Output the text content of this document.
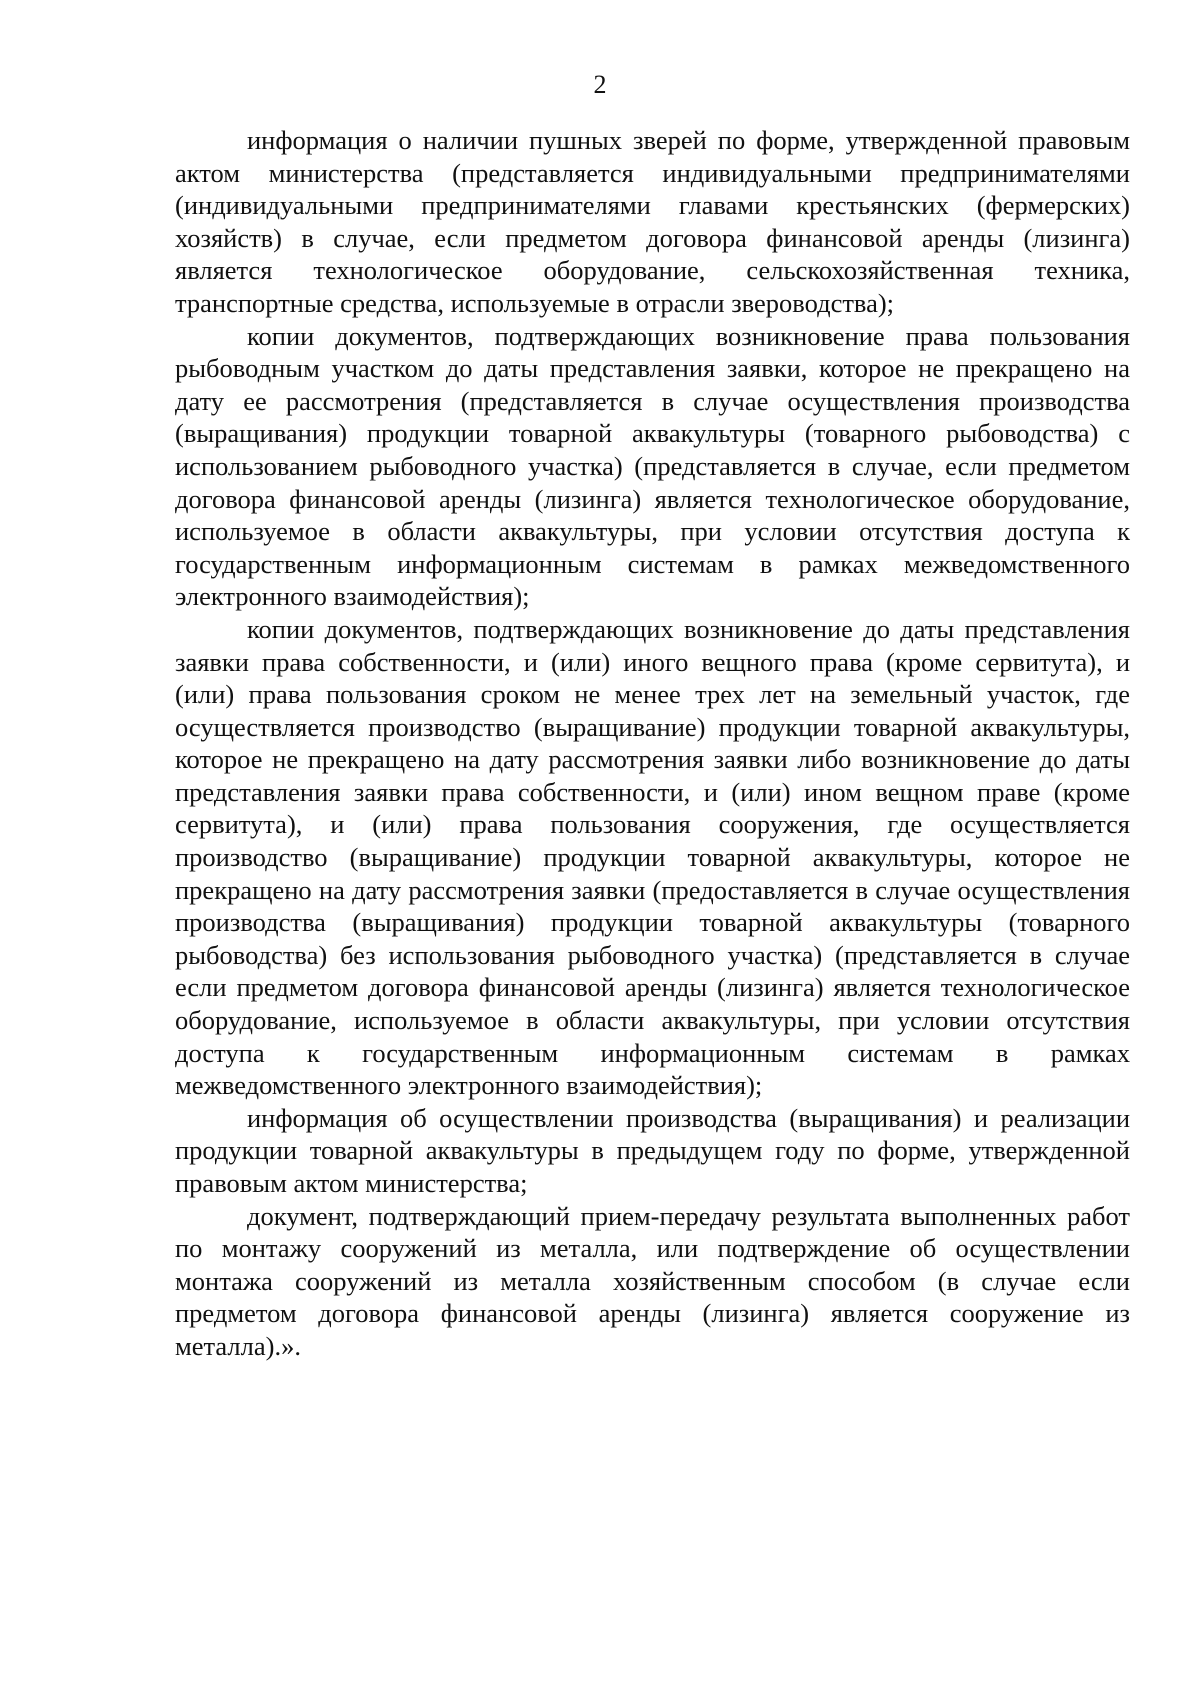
2

информация о наличии пушных зверей по форме, утвержденной правовым актом министерства (представляется индивидуальными предпринимателями (индивидуальными предпринимателями главами крестьянских (фермерских) хозяйств) в случае, если предметом договора финансовой аренды (лизинга) является технологическое оборудование, сельскохозяйственная техника, транспортные средства, используемые в отрасли звероводства);

копии документов, подтверждающих возникновение права пользования рыбоводным участком до даты представления заявки, которое не прекращено на дату ее рассмотрения (представляется в случае осуществления производства (выращивания) продукции товарной аквакультуры (товарного рыбоводства) с использованием рыбоводного участка) (представляется в случае, если предметом договора финансовой аренды (лизинга) является технологическое оборудование, используемое в области аквакультуры, при условии отсутствия доступа к государственным информационным системам в рамках межведомственного электронного взаимодействия);

копии документов, подтверждающих возникновение до даты представления заявки права собственности, и (или) иного вещного права (кроме сервитута), и (или) права пользования сроком не менее трех лет на земельный участок, где осуществляется производство (выращивание) продукции товарной аквакультуры, которое не прекращено на дату рассмотрения заявки либо возникновение до даты представления заявки права собственности, и (или) ином вещном праве (кроме сервитута), и (или) права пользования сооружения, где осуществляется производство (выращивание) продукции товарной аквакультуры, которое не прекращено на дату рассмотрения заявки (предоставляется в случае осуществления производства (выращивания) продукции товарной аквакультуры (товарного рыбоводства) без использования рыбоводного участка) (представляется в случае если предметом договора финансовой аренды (лизинга) является технологическое оборудование, используемое в области аквакультуры, при условии отсутствия доступа к государственным информационным системам в рамках межведомственного электронного взаимодействия);

информация об осуществлении производства (выращивания) и реализации продукции товарной аквакультуры в предыдущем году по форме, утвержденной правовым актом министерства;

документ, подтверждающий прием-передачу результата выполненных работ по монтажу сооружений из металла, или подтверждение об осуществлении монтажа сооружений из металла хозяйственным способом (в случае если предметом договора финансовой аренды (лизинга) является сооружение из металла).».
